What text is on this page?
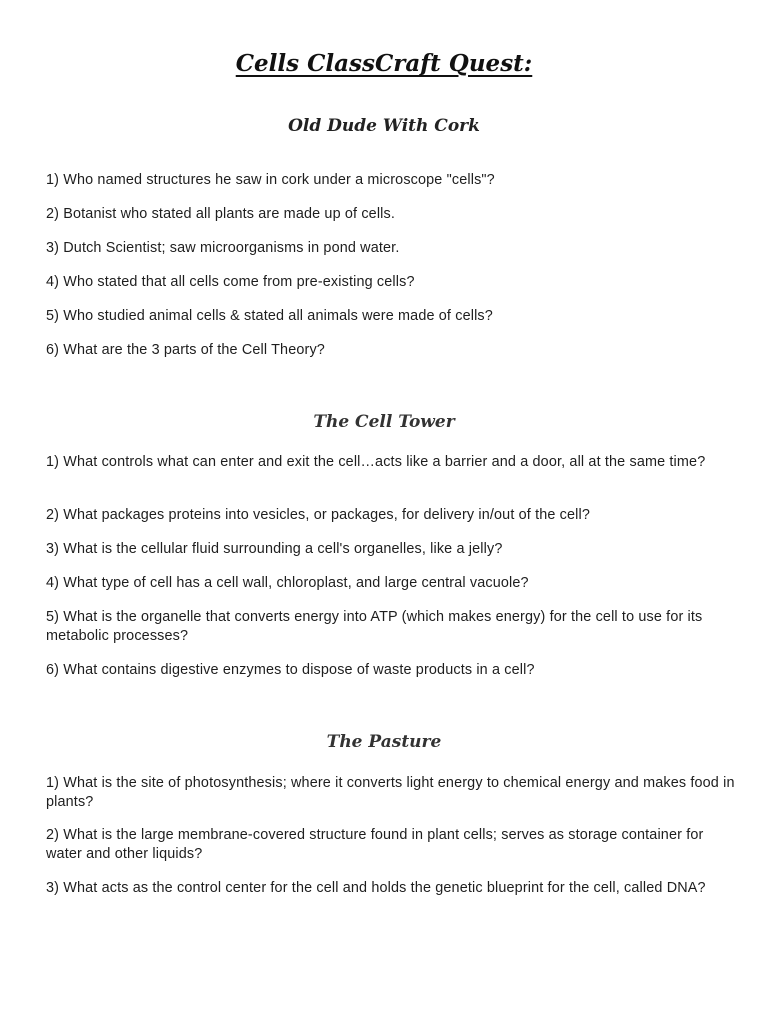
Cells ClassCraft Quest:
Old Dude With Cork

1) Who named structures he saw in cork under a microscope "cells"?

2) Botanist who stated all plants are made up of cells.

3) Dutch Scientist; saw microorganisms in pond water.

4) Who stated that all cells come from pre-existing cells?

5) Who studied animal cells & stated all animals were made of cells?

6) What are the 3 parts of the Cell Theory?

The Cell Tower

1) What controls what can enter and exit the cell…acts like a barrier and a door, all at the same time?

2) What packages proteins into vesicles, or packages, for delivery in/out of the cell?

3) What is the cellular fluid surrounding a cell's organelles, like a jelly?

4) What type of cell has a cell wall, chloroplast, and large central vacuole?

5) What is the organelle that converts energy into ATP (which makes energy) for the cell to use for its metabolic processes?

6) What contains digestive enzymes to dispose of waste products in a cell?

The Pasture

1) What is the site of photosynthesis; where it converts light energy to chemical energy and makes food in plants?

2) What is the large membrane-covered structure found in plant cells; serves as storage container for water and other liquids?

3) What acts as the control center for the cell and holds the genetic blueprint for the cell, called DNA?
